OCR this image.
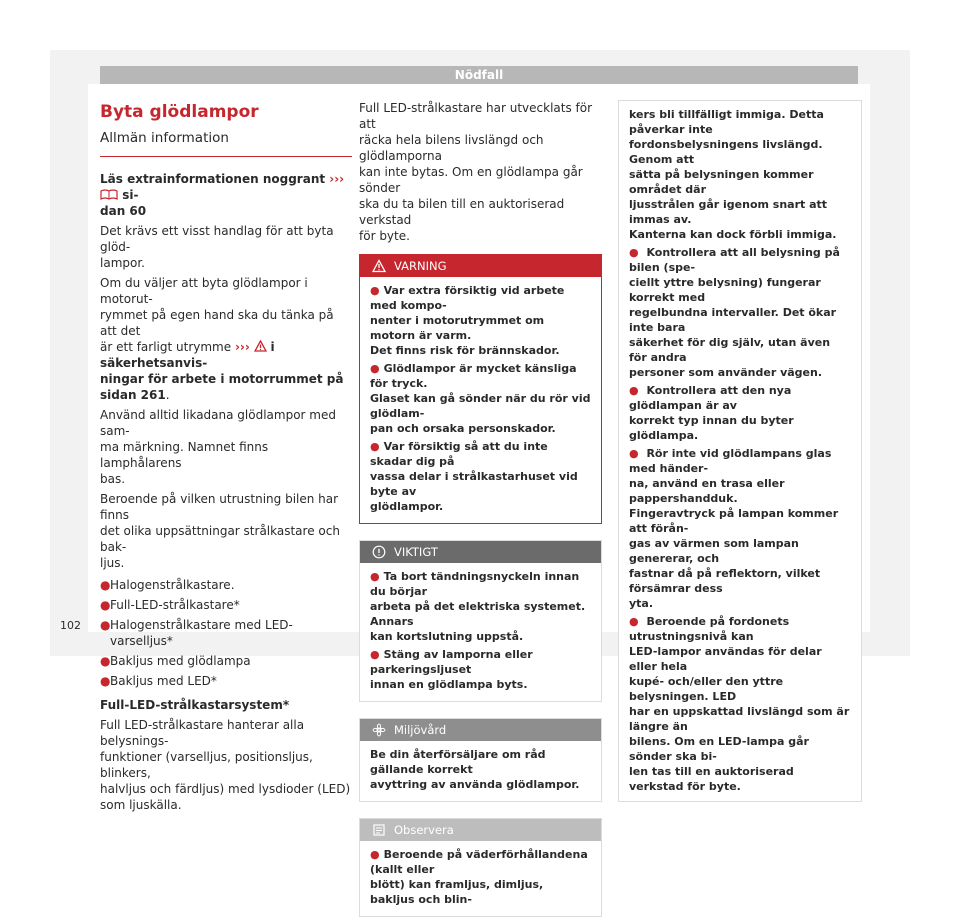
Nödfall
Byta glödlampor
Allmän information

Läs extrainformationen noggrant ›››  si-

dan 60

Det krävs ett visst handlag för att byta glöd-

lampor.

Om du väljer att byta glödlampor i motorut-

rymmet på egen hand ska du tänka på att det

är ett farligt utrymme ››› i säkerhetsanvis-

ningar för arbete i motorrummet på

sidan 261.

Använd alltid likadana glödlampor med sam-

ma märkning. Namnet finns lamphålarens

bas.

Beroende på vilken utrustning bilen har finns

det olika uppsättningar strålkastare och bak-

ljus.

● Halogenstrålkastare.
● Full-LED-strålkastare*
● Halogenstrålkastare med LED-varselljus*
● Bakljus med glödlampa
● Bakljus med LED*

Full-LED-strålkastarsystem*

Full LED-strålkastare hanterar alla belysnings-

funktioner (varselljus, positionsljus, blinkers,

halvljus och färdljus) med lysdioder (LED)

som ljuskälla.

Full LED-strålkastare har utvecklats för att

räcka hela bilens livslängd och glödlamporna

kan inte bytas. Om en glödlampa går sönder

ska du ta bilen till en auktoriserad verkstad

för byte.

VARNING

● Var extra försiktig vid arbete med kompo-
nenter i motorutrymmet om motorn är varm.
Det finns risk för brännskador.

● Glödlampor är mycket känsliga för tryck.
Glaset kan gå sönder när du rör vid glödlam-
pan och orsaka personskador.

● Var försiktig så att du inte skadar dig på
vassa delar i strålkastarhuset vid byte av
glödlampor.

VIKTIGT

● Ta bort tändningsnyckeln innan du börjar
arbeta på det elektriska systemet. Annars
kan kortslutning uppstå.

● Stäng av lamporna eller parkeringsljuset
innan en glödlampa byts.

Miljövård

Be din återförsäljare om råd gällande korrekt
avyttring av använda glödlampor.

Observera

● Beroende på väderförhållandena (kallt eller
blött) kan framljus, dimljus, bakljus och blin-

kers bli tillfälligt immiga. Detta påverkar inte
fordonsbelysningens livslängd. Genom att
sätta på belysningen kommer området där
ljusstrålen går igenom snart att immas av.
Kanterna kan dock förbli immiga.

● Kontrollera att all belysning på bilen (spe-
ciellt yttre belysning) fungerar korrekt med
regelbundna intervaller. Det ökar inte bara
säkerhet för dig själv, utan även för andra
personer som använder vägen.

● Kontrollera att den nya glödlampan är av
korrekt typ innan du byter glödlampa.

● Rör inte vid glödlampans glas med händer-
na, använd en trasa eller pappershandduk.
Fingeravtryck på lampan kommer att förån-
gas av värmen som lampan genererar, och
fastnar då på reflektorn, vilket försämrar dess
yta.

● Beroende på fordonets utrustningsnivå kan
LED-lampor användas för delar eller hela
kupé- och/eller den yttre belysningen. LED
har en uppskattad livslängd som är längre än
bilens. Om en LED-lampa går sönder ska bi-
len tas till en auktoriserad verkstad för byte.

102
